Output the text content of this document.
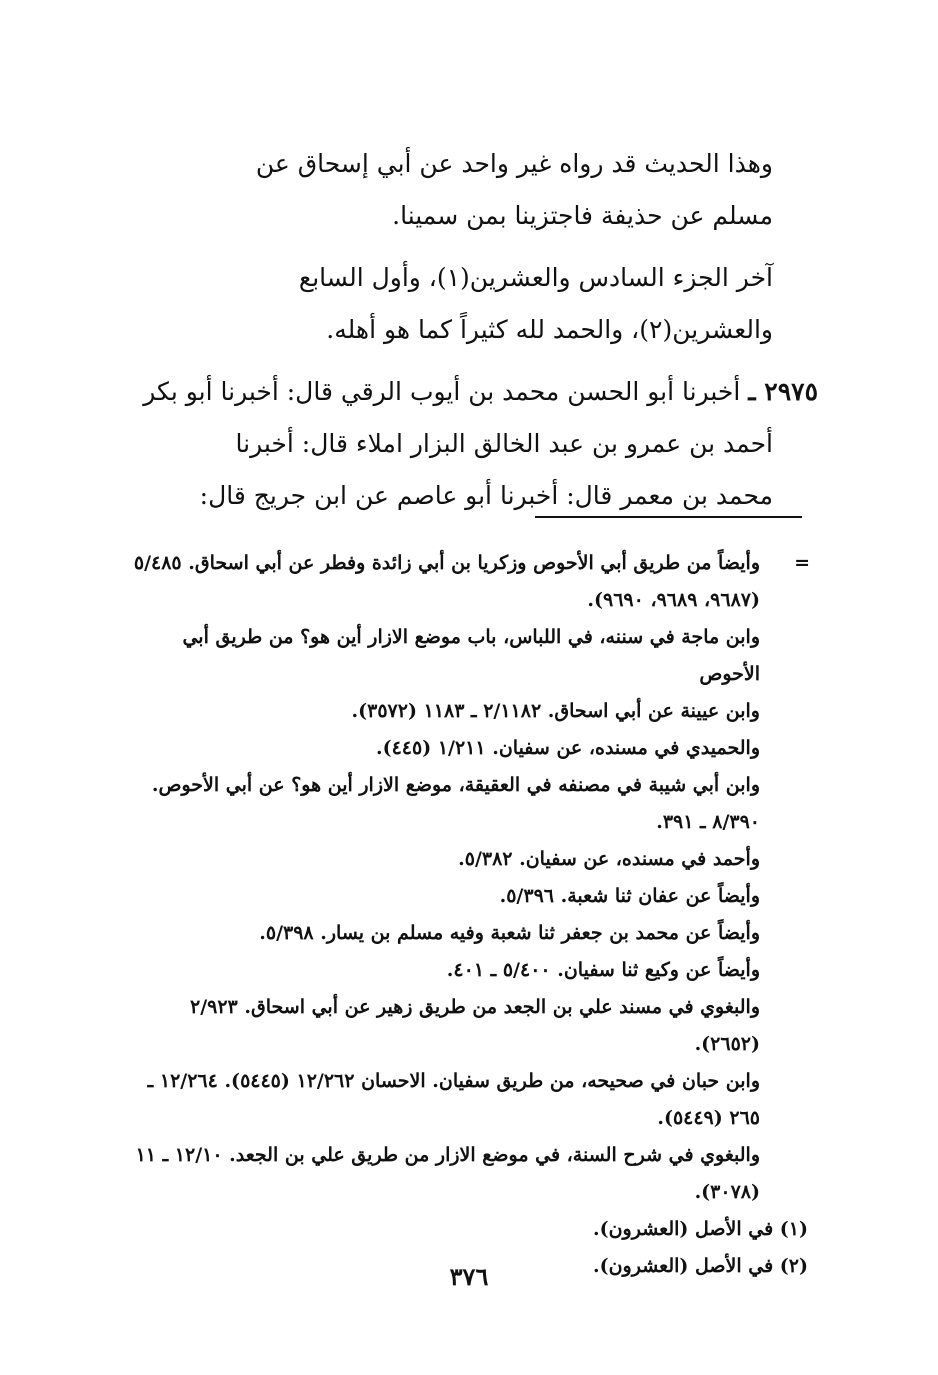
وهذا الحديث قد رواه غير واحد عن أبي إسحاق عن
مسلم عن حذيفة فاجتزينا بمن سمينا.

آخر الجزء السادس والعشرين(١)، وأول السابع
والعشرين(٢)، والحمد لله كثيراً كما هو أهله.

٢٩٧٥ ـ أخبرنا أبو الحسن محمد بن أيوب الرقي قال: أخبرنا أبو بكر
أحمد بن عمرو بن عبد الخالق البزار املاء قال: أخبرنا
محمد بن معمر قال: أخبرنا أبو عاصم عن ابن جريج قال:

=
وأيضاً من طريق أبي الأحوص وزكريا بن أبي زائدة وفطر عن أبي اسحاق. ٥/٤٨٥
(٩٦٨٧، ٩٦٨٩، ٩٦٩٠).
وابن ماجة في سننه، في اللباس، باب موضع الازار أين هو؟ من طريق أبي الأحوص
وابن عيينة عن أبي اسحاق. ٢/١١٨٢ ـ ١١٨٣ (٣٥٧٢).
والحميدي في مسنده، عن سفيان. ١/٢١١ (٤٤٥).
وابن أبي شيبة في مصنفه في العقيقة، موضع الازار أين هو؟ عن أبي الأحوص.
٨/٣٩٠ ـ ٣٩١.
وأحمد في مسنده، عن سفيان. ٥/٣٨٢.
وأيضاً عن عفان ثنا شعبة. ٥/٣٩٦.
وأيضاً عن محمد بن جعفر ثنا شعبة وفيه مسلم بن يسار. ٥/٣٩٨.
وأيضاً عن وكيع ثنا سفيان. ٥/٤٠٠ ـ ٤٠١.
والبغوي في مسند علي بن الجعد من طريق زهير عن أبي اسحاق. ٢/٩٢٣
(٢٦٥٢).
وابن حبان في صحيحه، من طريق سفيان. الاحسان ١٢/٢٦٢ (٥٤٤٥). ١٢/٢٦٤ ـ
٢٦٥ (٥٤٤٩).
والبغوي في شرح السنة، في موضع الازار من طريق علي بن الجعد. ١٢/١٠ ـ ١١
(٣٠٧٨).
(١) في الأصل (العشرون).
(٢) في الأصل (العشرون).
٣٧٦
